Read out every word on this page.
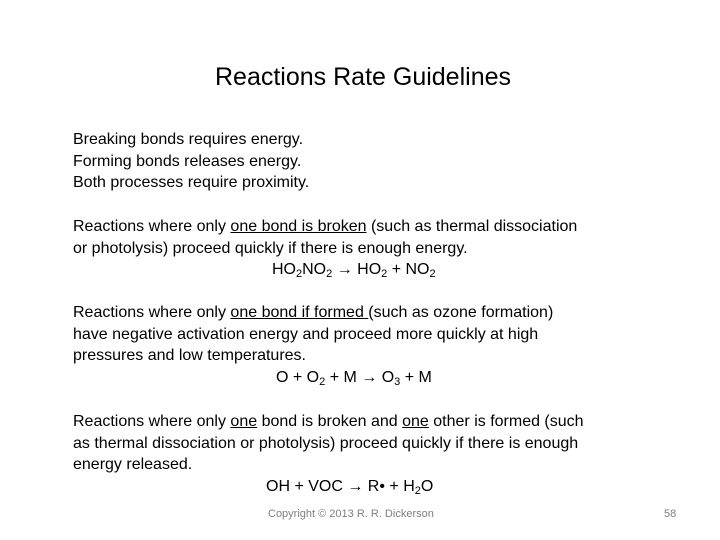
Reactions Rate Guidelines
Breaking bonds requires energy.
Forming bonds releases energy.
Both processes require proximity.
Reactions where only one bond is broken (such as thermal dissociation
or photolysis) proceed quickly if there is enough energy.
$HO_2NO_2 \to HO_2 + NO_2$
Reactions where only one bond if formed (such as ozone formation)
have negative activation energy and proceed more quickly at high
pressures and low temperatures.
$O + O_2 + M \to O_3 + M$
Reactions where only one bond is broken and one other is formed (such
as thermal dissociation or photolysis) proceed quickly if there is enough
energy released.
OH + VOC → R• + $H_2O$
Copyright © 2013 R. R. Dickerson	58
